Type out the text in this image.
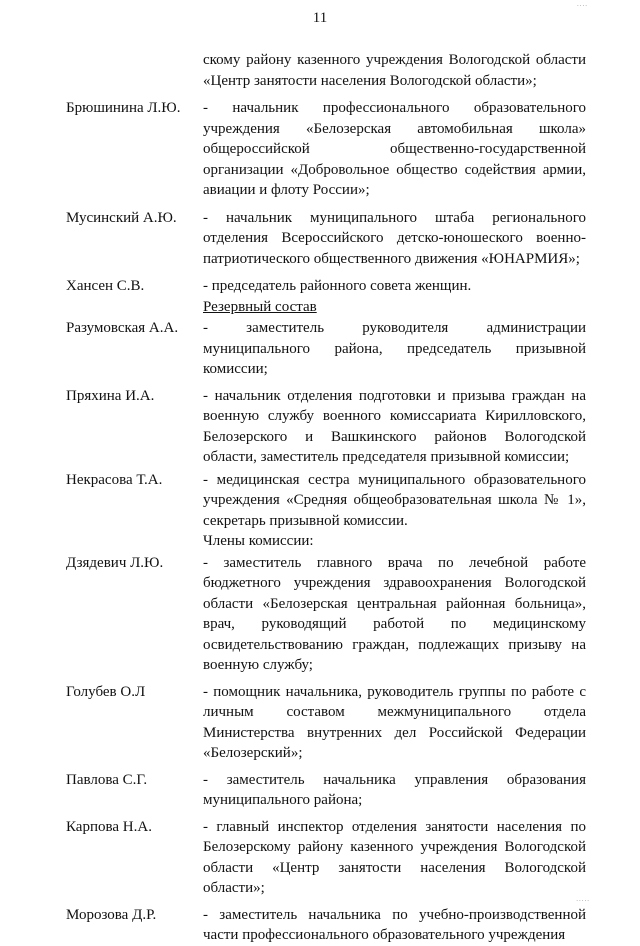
11
....
скому району казенного учреждения Вологодской области «Центр занятости населения Вологодской области»;
Брюшинина Л.Ю.	- начальник профессионального образовательного учреждения «Белозерская автомобильная школа» общероссийской общественно-государственной организации «Добровольное общество содействия армии, авиации и флоту России»;
Мусинский А.Ю.	- начальник муниципального штаба регионального отделения Всероссийского детско-юношеского военно-патриотического общественного движения «ЮНАРМИЯ»;
Хансен С.В.	- председатель районного совета женщин.
Резервный состав
Разумовская А.А.	- заместитель руководителя администрации муниципального района, председатель призывной комиссии;
Пряхина И.А.	- начальник отделения подготовки и призыва граждан на военную службу военного комиссариата Кирилловского, Белозерского и Вашкинского районов Вологодской области, заместитель председателя призывной комиссии;
Некрасова Т.А.	- медицинская сестра муниципального образовательного учреждения «Средняя общеобразовательная школа № 1», секретарь призывной комиссии.
Члены комиссии:
Дзядевич Л.Ю.	- заместитель главного врача по лечебной работе бюджетного учреждения здравоохранения Вологодской области «Белозерская центральная районная больница», врач, руководящий работой по медицинскому освидетельствованию граждан, подлежащих призыву на военную службу;
Голубев О.Л	- помощник начальника, руководитель группы по работе с личным составом межмуниципального отдела Министерства внутренних дел Российской Федерации «Белозерский»;
Павлова С.Г.	- заместитель начальника управления образования муниципального района;
Карпова Н.А.	- главный инспектор отделения занятости населения по Белозерскому району казенного учреждения Вологодской области «Центр занятости населения Вологодской области»;
Морозова Д.Р.	- заместитель начальника по учебно-производственной части профессионального образовательного учреждения
.....
